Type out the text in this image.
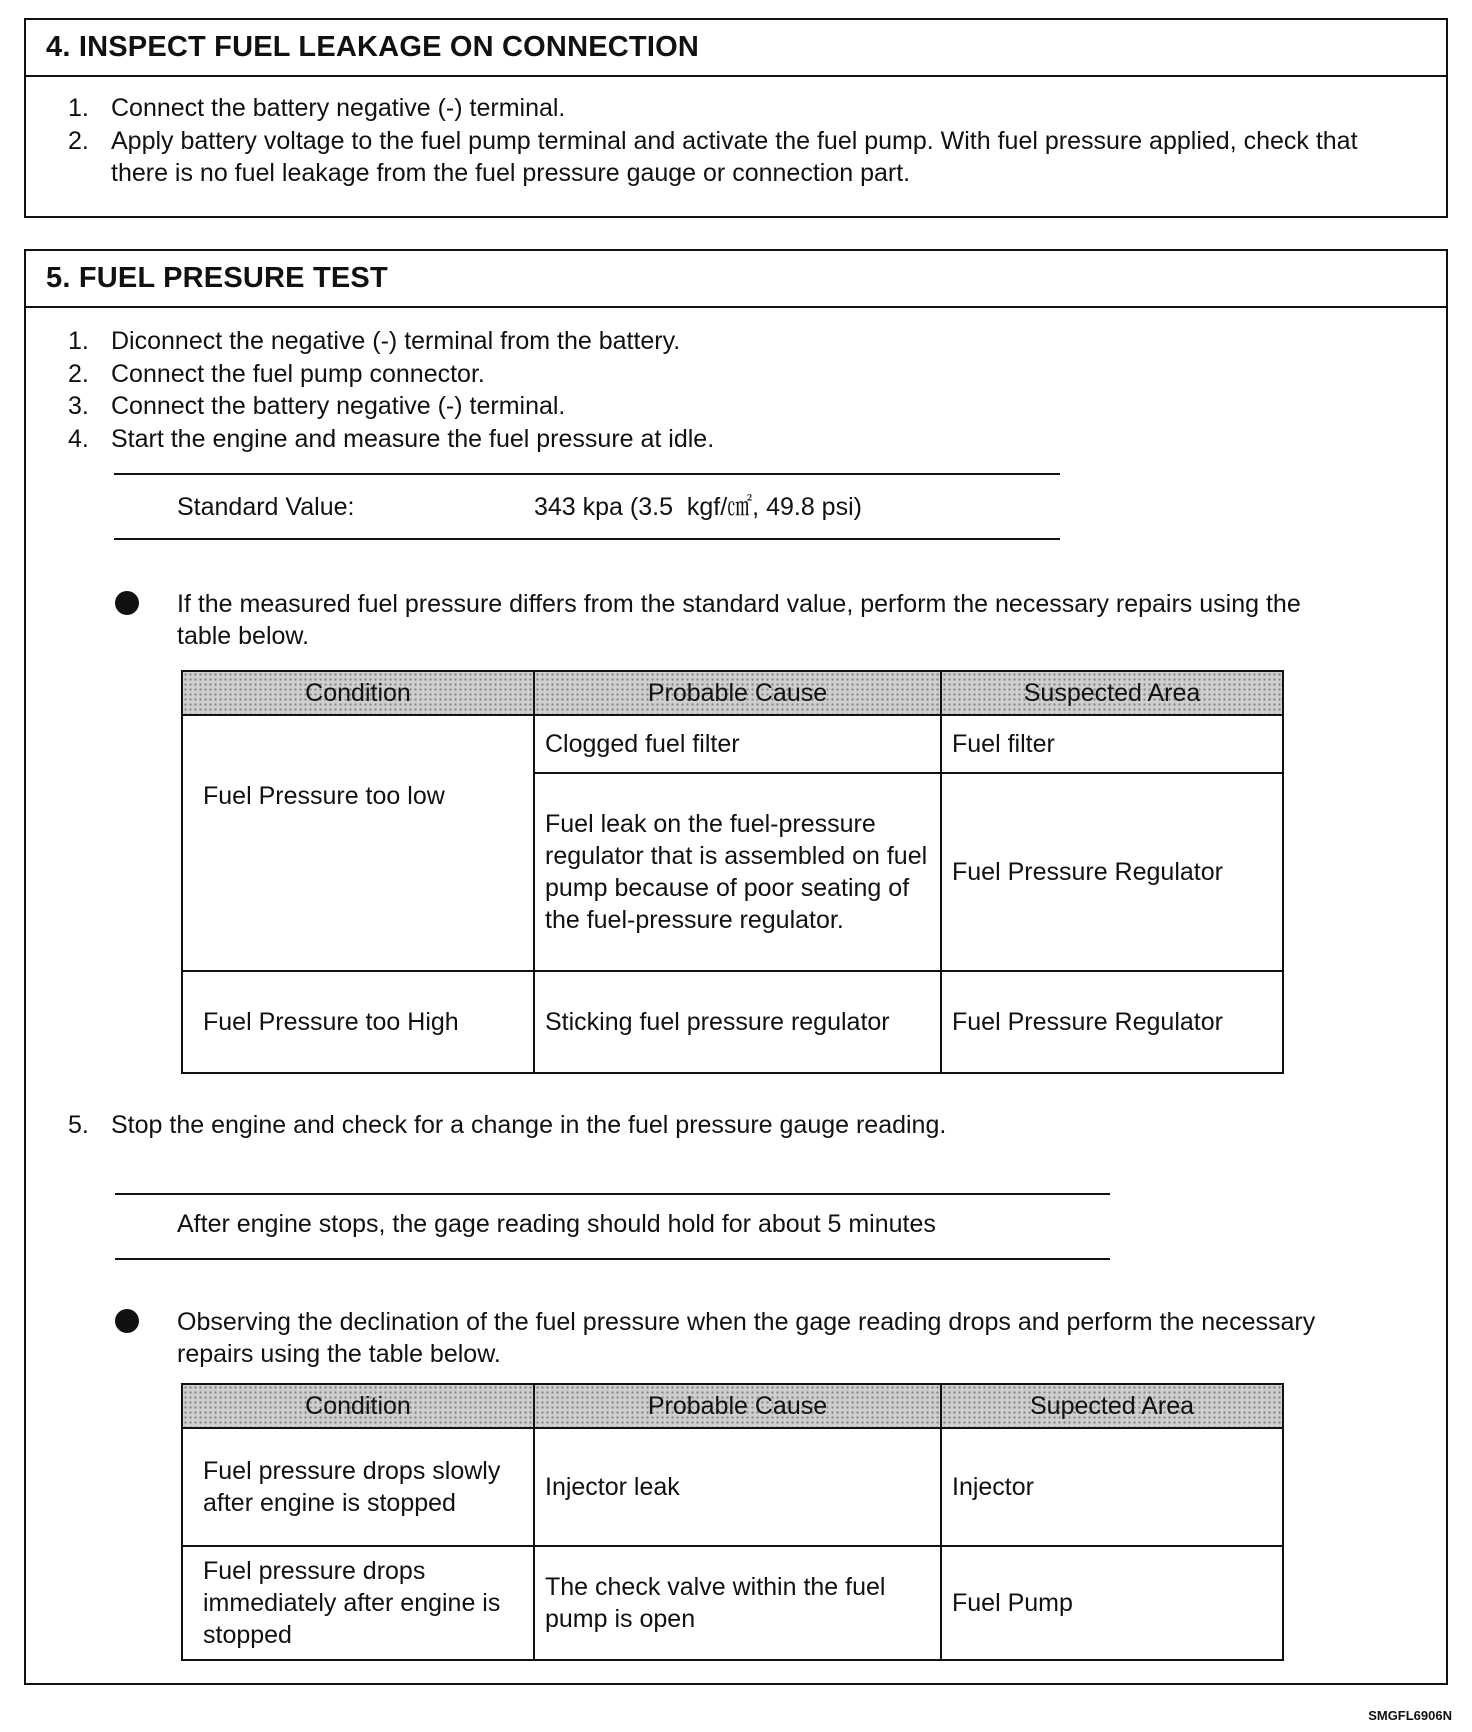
4. INSPECT FUEL LEAKAGE ON CONNECTION
1. Connect the battery negative (-) terminal.
2. Apply battery voltage to the fuel pump terminal and activate the fuel pump. With fuel pressure applied, check that there is no fuel leakage from the fuel pressure gauge or connection part.
5. FUEL PRESURE TEST
1. Diconnect the negative (-) terminal from the battery.
2. Connect the fuel pump connector.
3. Connect the battery negative (-) terminal.
4. Start the engine and measure the fuel pressure at idle.
Standard Value:	343 kpa (3.5  kgf/㎠, 49.8 psi)
If the measured fuel pressure differs from the standard value, perform the necessary repairs using the table below.
Condition	Probable Cause	Suspected Area
Fuel Pressure too low	Clogged fuel filter	Fuel filter
	Fuel leak on the fuel-pressure regulator that is assembled on fuel pump because of poor seating of the fuel-pressure regulator.	Fuel Pressure Regulator
Fuel Pressure too High	Sticking fuel pressure regulator	Fuel Pressure Regulator
5. Stop the engine and check for a change in the fuel pressure gauge reading.
After engine stops, the gage reading should hold for about 5 minutes
Observing the declination of the fuel pressure when the gage reading drops and perform the necessary repairs using the table below.
Condition	Probable Cause	Supected Area
Fuel pressure drops slowly after engine is stopped	Injector leak	Injector
Fuel pressure drops immediately after engine is stopped	The check valve within the fuel pump is open	Fuel Pump
SMGFL6906N
